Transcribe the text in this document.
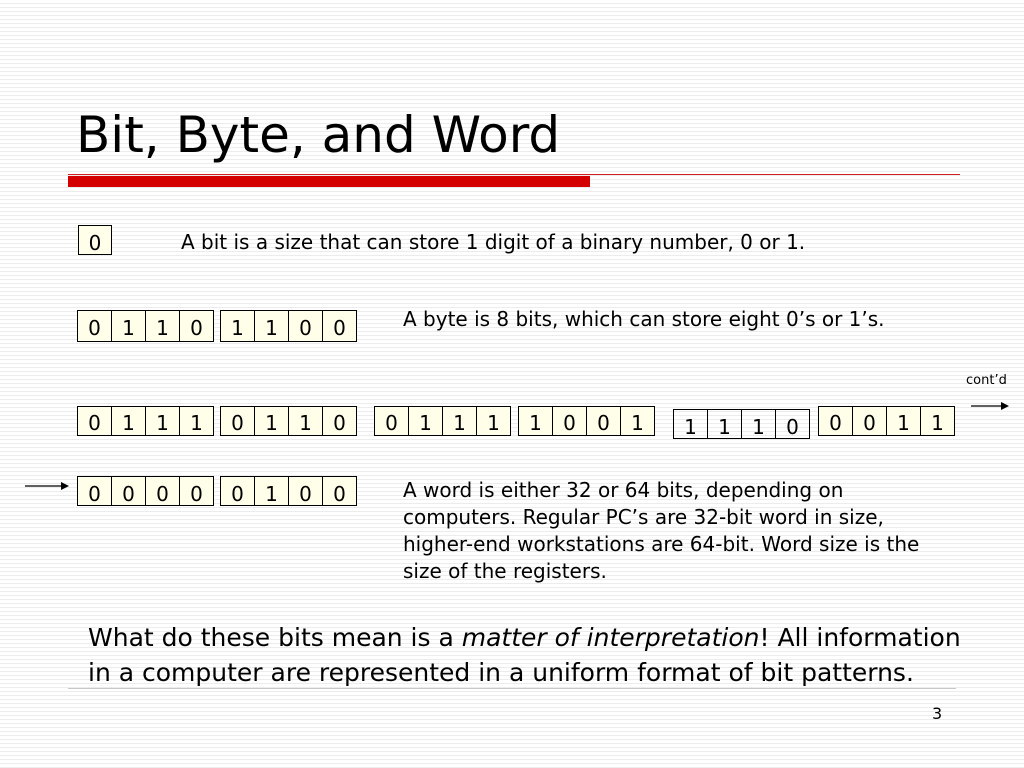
Bit, Byte, and Word
0	A bit is a size that can store 1 digit of a binary number, 0 or 1.

0	1	1	0	1	1	0	0	A byte is 8 bits, which can store eight 0’s or 1’s.

0	1	1	1	0	1	1	0	0	1	1	1	1	0	0	1	1	1	1	0	0	0	1	1
cont’d
0	0	0	0	0	1	0	0	A word is either 32 or 64 bits, depending on computers. Regular PC’s are 32-bit word in size, higher-end workstations are 64-bit. Word size is the size of the registers.

What do these bits mean is a matter of interpretation! All information in a computer are represented in a uniform format of bit patterns.

3
